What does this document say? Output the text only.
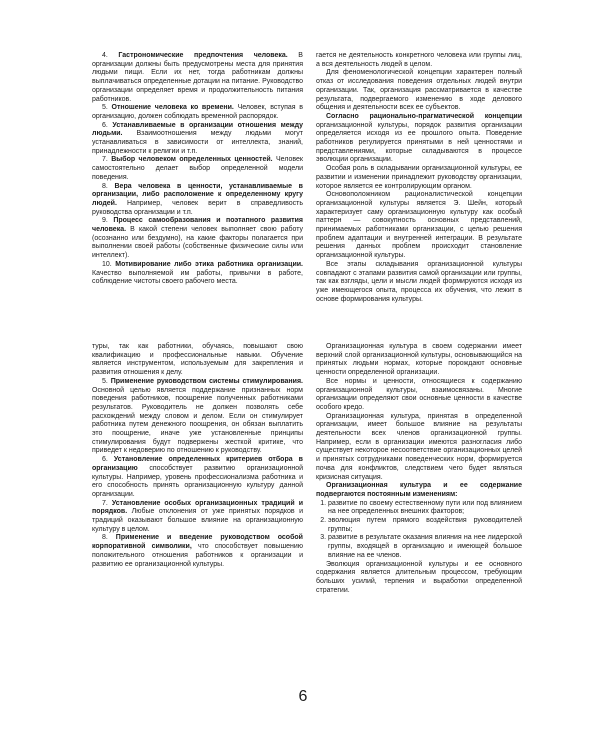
4. Гастрономические предпочтения человека. В организации должны быть предусмотрены места для принятия людьми пищи. Если их нет, тогда работникам должны выплачиваться определенные дотации на питание. Руководство организации определяет время и продолжительность питания работников.

5. Отношение человека ко времени. Человек, вступая в организацию, должен соблюдать временной распорядок.

6. Устанавливаемые в организации отношения между людьми. Взаимоотношения между людьми могут устанавливаться в зависимости от интеллекта, знаний, принадлежности к религии и т.п.

7. Выбор человеком определенных ценностей. Человек самостоятельно делает выбор определенной модели поведения.

8. Вера человека в ценности, устанавливаемые в организации, либо расположение к определенному кругу людей. Например, человек верит в справедливость руководства организации и т.п.

9. Процесс самообразования и поэтапного развития человека. В какой степени человек выполняет свою работу (осознанно или бездумно), на какие факторы полагается при выполнении своей работы (собственные физические силы или интеллект).

10. Мотивирование либо этика работника организации. Качество выполняемой им работы, привычки в работе, соблюдение чистоты своего рабочего места.

гается не деятельность конкретного человека или группы лиц, а вся деятельность людей в целом.

Для феноменологической концепции характерен полный отказ от исследования поведения отдельных людей внутри организации. Так, организация рассматривается в качестве результата, подвергаемого изменению в ходе делового общения и деятельности всех ее субъектов.

Согласно рационально-прагматической концепции организационной культуры, порядок развития организации определяется исходя из ее прошлого опыта. Поведение работников регулируется принятыми в ней ценностями и представлениями, которые складываются в процессе эволюции организации.

Особая роль в складывании организационной культуры, ее развитии и изменении принадлежит руководству организации, которое является ее контролирующим органом.

Основоположником рационалистической концепции организационной культуры является Э. Шейн, который характеризует саму организационную культуру как особый паттерн — совокупность основных представлений, принимаемых работниками организации, с целью решения проблем адаптации и внутренней интеграции. В результате решения данных проблем происходит становление организационной культуры.

Все этапы складывания организационной культуры совпадают с этапами развития самой организации или группы, так как взгляды, цели и мысли людей формируются исходя из уже имеющегося опыта, процесса их обучения, что лежит в основе формирования культуры.

туры, так как работники, обучаясь, повышают свою квалификацию и профессиональные навыки. Обучение является инструментом, используемым для закрепления и развития отношения к делу.

5. Применение руководством системы стимулирования. Основной целью является поддержание признанных норм поведения работников, поощрение полученных работниками результатов. Руководитель не должен позволять себе расхождений между словом и делом. Если он стимулирует работника путем денежного поощрения, он обязан выплатить это поощрение, иначе уже установленные принципы стимулирования будут подвержены жесткой критике, что приведет к недоверию по отношению к руководству.

6. Установление определенных критериев отбора в организацию способствует развитию организационной культуры. Например, уровень профессионализма работника и его способность принять организационную культуру данной организации.

7. Установление особых организационных традиций и порядков. Любые отклонения от уже принятых порядков и традиций оказывают большое влияние на организационную культуру в целом.

8. Применение и введение руководством особой корпоративной символики, что способствует повышению положительного отношения работников к организации и развитию ее организационной культуры.

Организационная культура в своем содержании имеет верхний слой организационной культуры, основывающийся на принятых людьми нормах, которые порождают основные ценности определенной организации.

Все нормы и ценности, относящиеся к содержанию организационной культуры, взаимосвязаны. Многие организации определяют свои основные ценности в качестве особого кредо.

Организационная культура, принятая в определенной организации, имеет большое влияние на результаты деятельности всех членов организационной группы. Например, если в организации имеются разногласия либо существует некоторое несоответствие организационных целей и принятых сотрудниками поведенческих норм, формируется почва для конфликтов, следствием чего будет являться кризисная ситуация.

Организационная культура и ее содержание подвергаются постоянным изменениям:

1. развитие по своему естественному пути или под влиянием на нее определенных внешних факторов;
2. эволюция путем прямого воздействия руководителей группы;
3. развитие в результате оказания влияния на нее лидерской группы, входящей в организацию и имеющей большое влияние на ее членов.

Эволюция организационной культуры и ее основного содержания является длительным процессом, требующим больших усилий, терпения и выработки определенной стратегии.

6
